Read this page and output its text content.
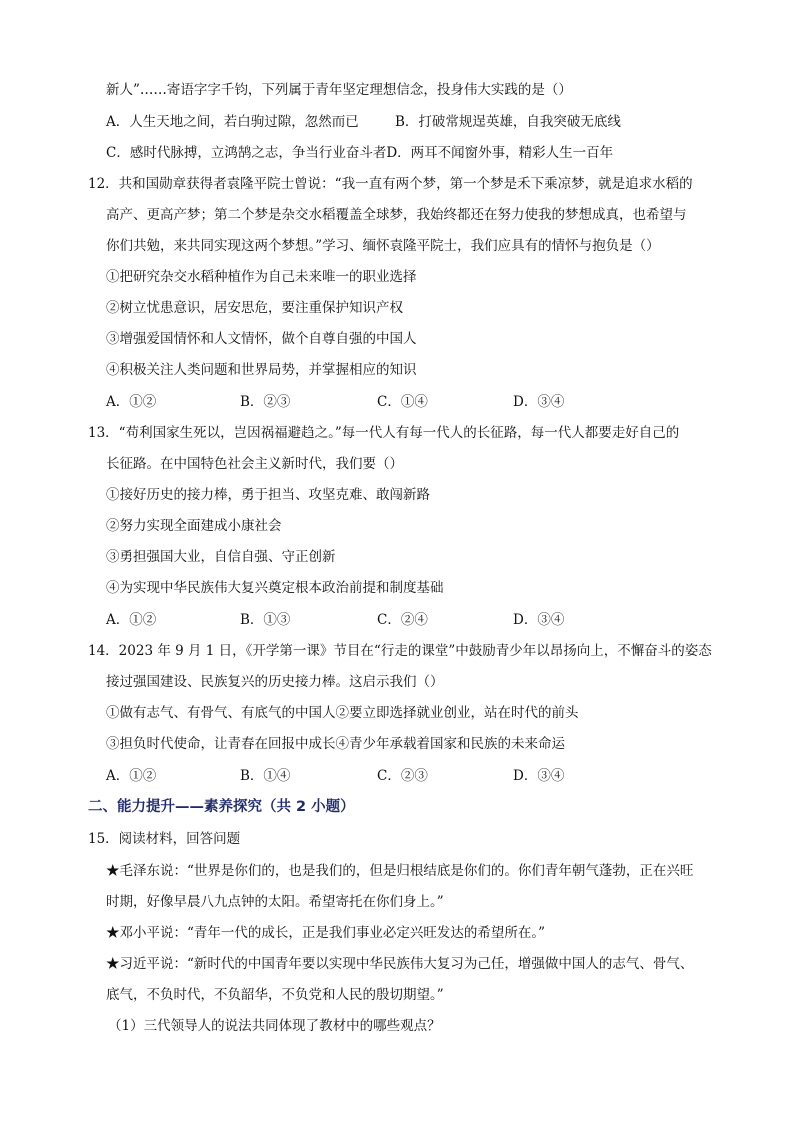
新人”……寄语字字千钧，下列属于青年坚定理想信念，投身伟大实践的是（）
A．人生天地之间，若白驹过隙，忽然而已	B．打破常规逞英雄，自我突破无底线
C．感时代脉搏，立鸿鹄之志，争当行业奋斗者D．两耳不闻窗外事，精彩人生一百年
12．共和国勋章获得者袁隆平院士曾说：“我一直有两个梦，第一个梦是禾下乘凉梦，就是追求水稻的
高产、更高产梦；第二个梦是杂交水稻覆盖全球梦，我始终都还在努力使我的梦想成真，也希望与
你们共勉，来共同实现这两个梦想。”学习、缅怀袁隆平院士，我们应具有的情怀与抱负是（）
①把研究杂交水稻种植作为自己未来唯一的职业选择
②树立忧患意识，居安思危，要注重保护知识产权
③增强爱国情怀和人文情怀，做个自尊自强的中国人
④积极关注人类问题和世界局势，并掌握相应的知识
A．①②	B．②③	C．①④	D．③④
13．“苟利国家生死以，岂因祸福避趋之。”每一代人有每一代人的长征路，每一代人都要走好自己的
长征路。在中国特色社会主义新时代，我们要（）
①接好历史的接力棒，勇于担当、攻坚克难、敢闯新路
②努力实现全面建成小康社会
③勇担强国大业，自信自强、守正创新
④为实现中华民族伟大复兴奠定根本政治前提和制度基础
A．①②	B．①③	C．②④	D．③④
14．2023 年 9 月 1 日，《开学第一课》节目在“行走的课堂”中鼓励青少年以昂扬向上，不懈奋斗的姿态
接过强国建设、民族复兴的历史接力棒。这启示我们（）
①做有志气、有骨气、有底气的中国人②要立即选择就业创业，站在时代的前头
③担负时代使命，让青春在回报中成长④青少年承载着国家和民族的未来命运
A．①②	B．①④	C．②③	D．③④
二、能力提升——素养探究（共 2 小题）
15．阅读材料，回答问题
★毛泽东说：“世界是你们的，也是我们的，但是归根结底是你们的。你们青年朝气蓬勃，正在兴旺
时期，好像早晨八九点钟的太阳。希望寄托在你们身上。”
★邓小平说：“青年一代的成长，正是我们事业必定兴旺发达的希望所在。”
★习近平说：“新时代的中国青年要以实现中华民族伟大复习为己任，增强做中国人的志气、骨气、
底气，不负时代，不负韶华，不负党和人民的殷切期望。”
（1）三代领导人的说法共同体现了教材中的哪些观点？
